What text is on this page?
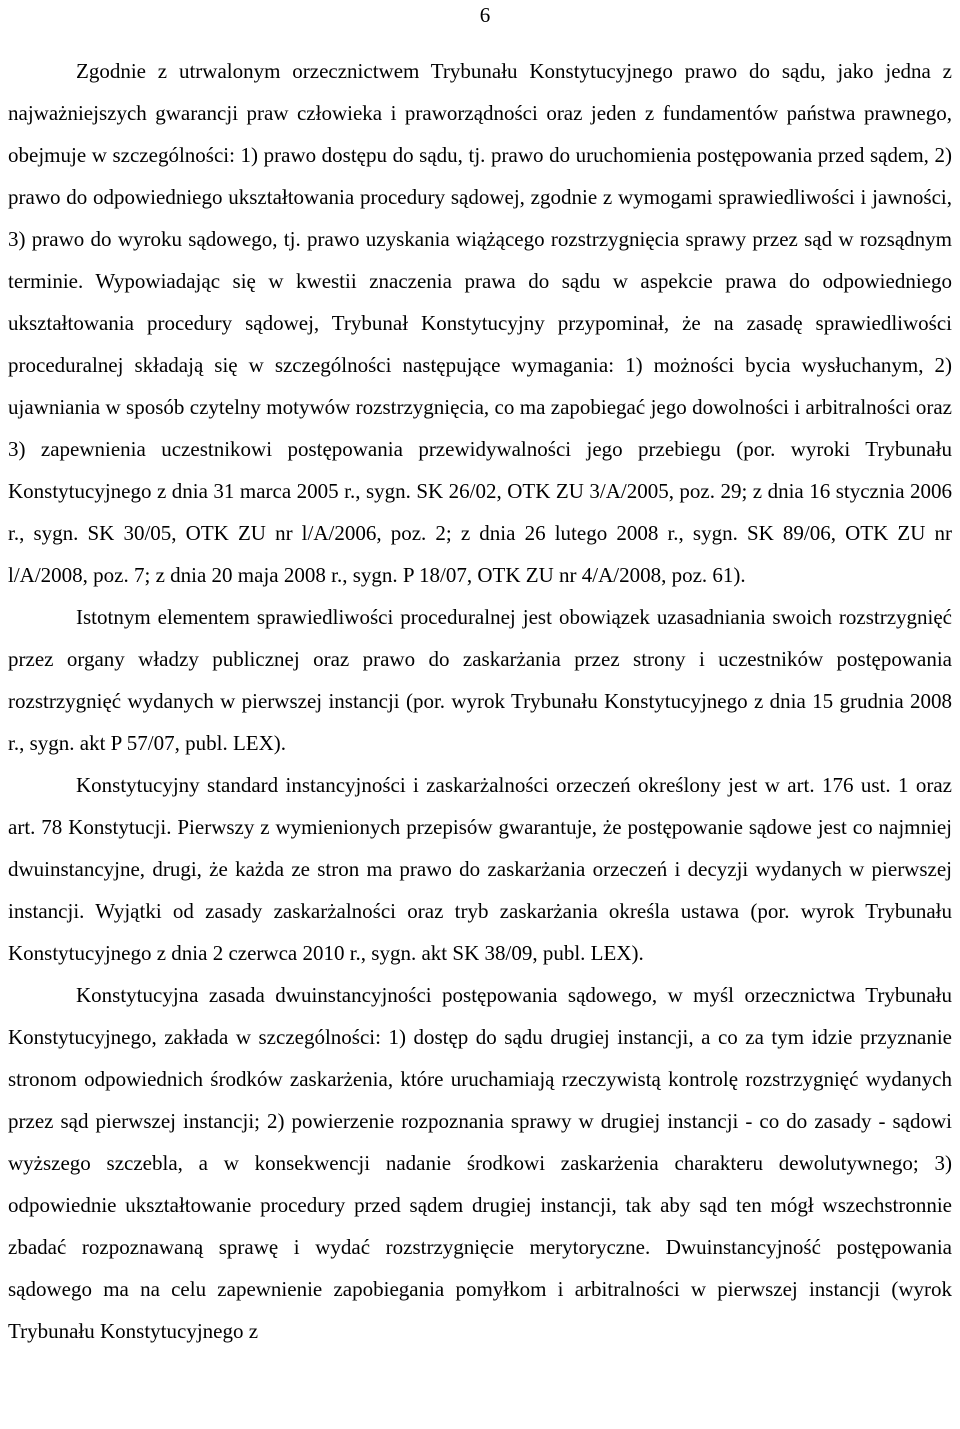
6

Zgodnie z utrwalonym orzecznictwem Trybunału Konstytucyjnego prawo do sądu, jako jedna z najważniejszych gwarancji praw człowieka i praworządności oraz jeden z fundamentów państwa prawnego, obejmuje w szczególności: 1) prawo dostępu do sądu, tj. prawo do uruchomienia postępowania przed sądem, 2) prawo do odpowiedniego ukształtowania procedury sądowej, zgodnie z wymogami sprawiedliwości i jawności, 3) prawo do wyroku sądowego, tj. prawo uzyskania wiążącego rozstrzygnięcia sprawy przez sąd w rozsądnym terminie. Wypowiadając się w kwestii znaczenia prawa do sądu w aspekcie prawa do odpowiedniego ukształtowania procedury sądowej, Trybunał Konstytucyjny przypominał, że na zasadę sprawiedliwości proceduralnej składają się w szczególności następujące wymagania: 1) możności bycia wysłuchanym, 2) ujawniania w sposób czytelny motywów rozstrzygnięcia, co ma zapobiegać jego dowolności i arbitralności oraz 3) zapewnienia uczestnikowi postępowania przewidywalności jego przebiegu (por. wyroki Trybunału Konstytucyjnego z dnia 31 marca 2005 r., sygn. SK 26/02, OTK ZU 3/A/2005, poz. 29; z dnia 16 stycznia 2006 r., sygn. SK 30/05, OTK ZU nr l/A/2006, poz. 2; z dnia 26 lutego 2008 r., sygn. SK 89/06, OTK ZU nr l/A/2008, poz. 7; z dnia 20 maja 2008 r., sygn. P 18/07, OTK ZU nr 4/A/2008, poz. 61).

Istotnym elementem sprawiedliwości proceduralnej jest obowiązek uzasadniania swoich rozstrzygnięć przez organy władzy publicznej oraz prawo do zaskarżania przez strony i uczestników postępowania rozstrzygnięć wydanych w pierwszej instancji (por. wyrok Trybunału Konstytucyjnego z dnia 15 grudnia 2008 r., sygn. akt P 57/07, publ. LEX).

Konstytucyjny standard instancyjności i zaskarżalności orzeczeń określony jest w art. 176 ust. 1 oraz art. 78 Konstytucji. Pierwszy z wymienionych przepisów gwarantuje, że postępowanie sądowe jest co najmniej dwuinstancyjne, drugi, że każda ze stron ma prawo do zaskarżania orzeczeń i decyzji wydanych w pierwszej instancji. Wyjątki od zasady zaskarżalności oraz tryb zaskarżania określa ustawa (por. wyrok Trybunału Konstytucyjnego z dnia 2 czerwca 2010 r., sygn. akt SK 38/09, publ. LEX).

Konstytucyjna zasada dwuinstancyjności postępowania sądowego, w myśl orzecznictwa Trybunału Konstytucyjnego, zakłada w szczególności: 1) dostęp do sądu drugiej instancji, a co za tym idzie przyznanie stronom odpowiednich środków zaskarżenia, które uruchamiają rzeczywistą kontrolę rozstrzygnięć wydanych przez sąd pierwszej instancji; 2) powierzenie rozpoznania sprawy w drugiej instancji - co do zasady - sądowi wyższego szczebla, a w konsekwencji nadanie środkowi zaskarżenia charakteru dewolutywnego; 3) odpowiednie ukształtowanie procedury przed sądem drugiej instancji, tak aby sąd ten mógł wszechstronnie zbadać rozpoznawaną sprawę i wydać rozstrzygnięcie merytoryczne. Dwuinstancyjność postępowania sądowego ma na celu zapewnienie zapobiegania pomyłkom i arbitralności w pierwszej instancji (wyrok Trybunału Konstytucyjnego z
